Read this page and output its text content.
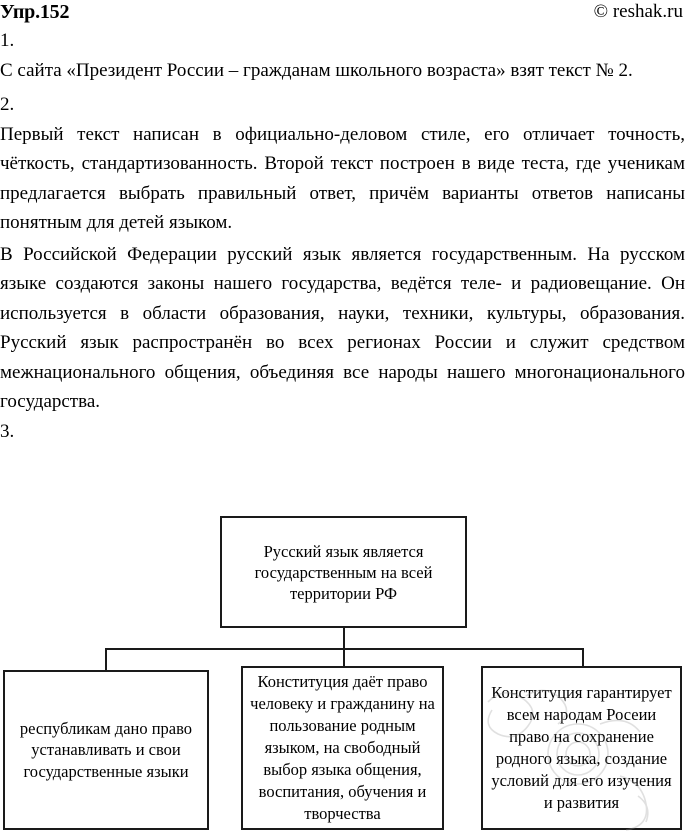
Упр.152	© reshak.ru

1.

С сайта «Президент России – гражданам школьного возраста» взят текст № 2.

2.

Первый текст написан в официально-деловом стиле, его отличает точность, чёткость, стандартизованность. Второй текст построен в виде теста, где ученикам предлагается выбрать правильный ответ, причём варианты ответов написаны понятным для детей языком.

В Российской Федерации русский язык является государственным. На русском языке создаются законы нашего государства, ведётся теле- и радиовещание. Он используется в области образования, науки, техники, культуры, образования. Русский язык распространён во всех регионах России и служит средством межнационального общения, объединяя все народы нашего многонационального государства.

3.

Русский язык является государственным на всей территории РФ
республикам дано право устанавливать и свои государственные языки
Конституция даёт право человеку и гражданину на пользование родным языком, на свободный выбор языка общения, воспитания, обучения и творчества
Конституция гарантирует всем народам Росеии право на сохранение родного языка, создание условий для его изучения и развития
